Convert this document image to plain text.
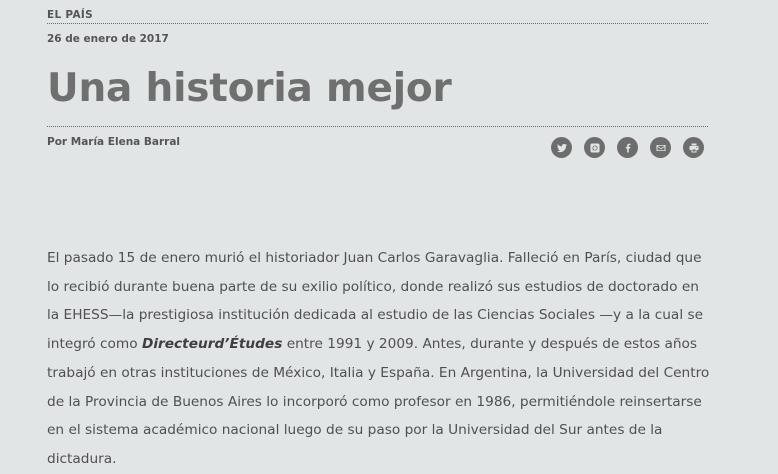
EL PAÍS
26 de enero de 2017
Una historia mejor
Por María Elena Barral
El pasado 15 de enero murió el historiador Juan Carlos Garavaglia. Falleció en París, ciudad que lo recibió durante buena parte de su exilio político, donde realizó sus estudios de doctorado en la EHESS—la prestigiosa institución dedicada al estudio de las Ciencias Sociales —y a la cual se integró como Directeurd’Études entre 1991 y 2009. Antes, durante y después de estos años trabajó en otras instituciones de México, Italia y España. En Argentina, la Universidad del Centro de la Provincia de Buenos Aires lo incorporó como profesor en 1986, permitiéndole reinsertarse en el sistema académico nacional luego de su paso por la Universidad del Sur antes de la dictadura.
